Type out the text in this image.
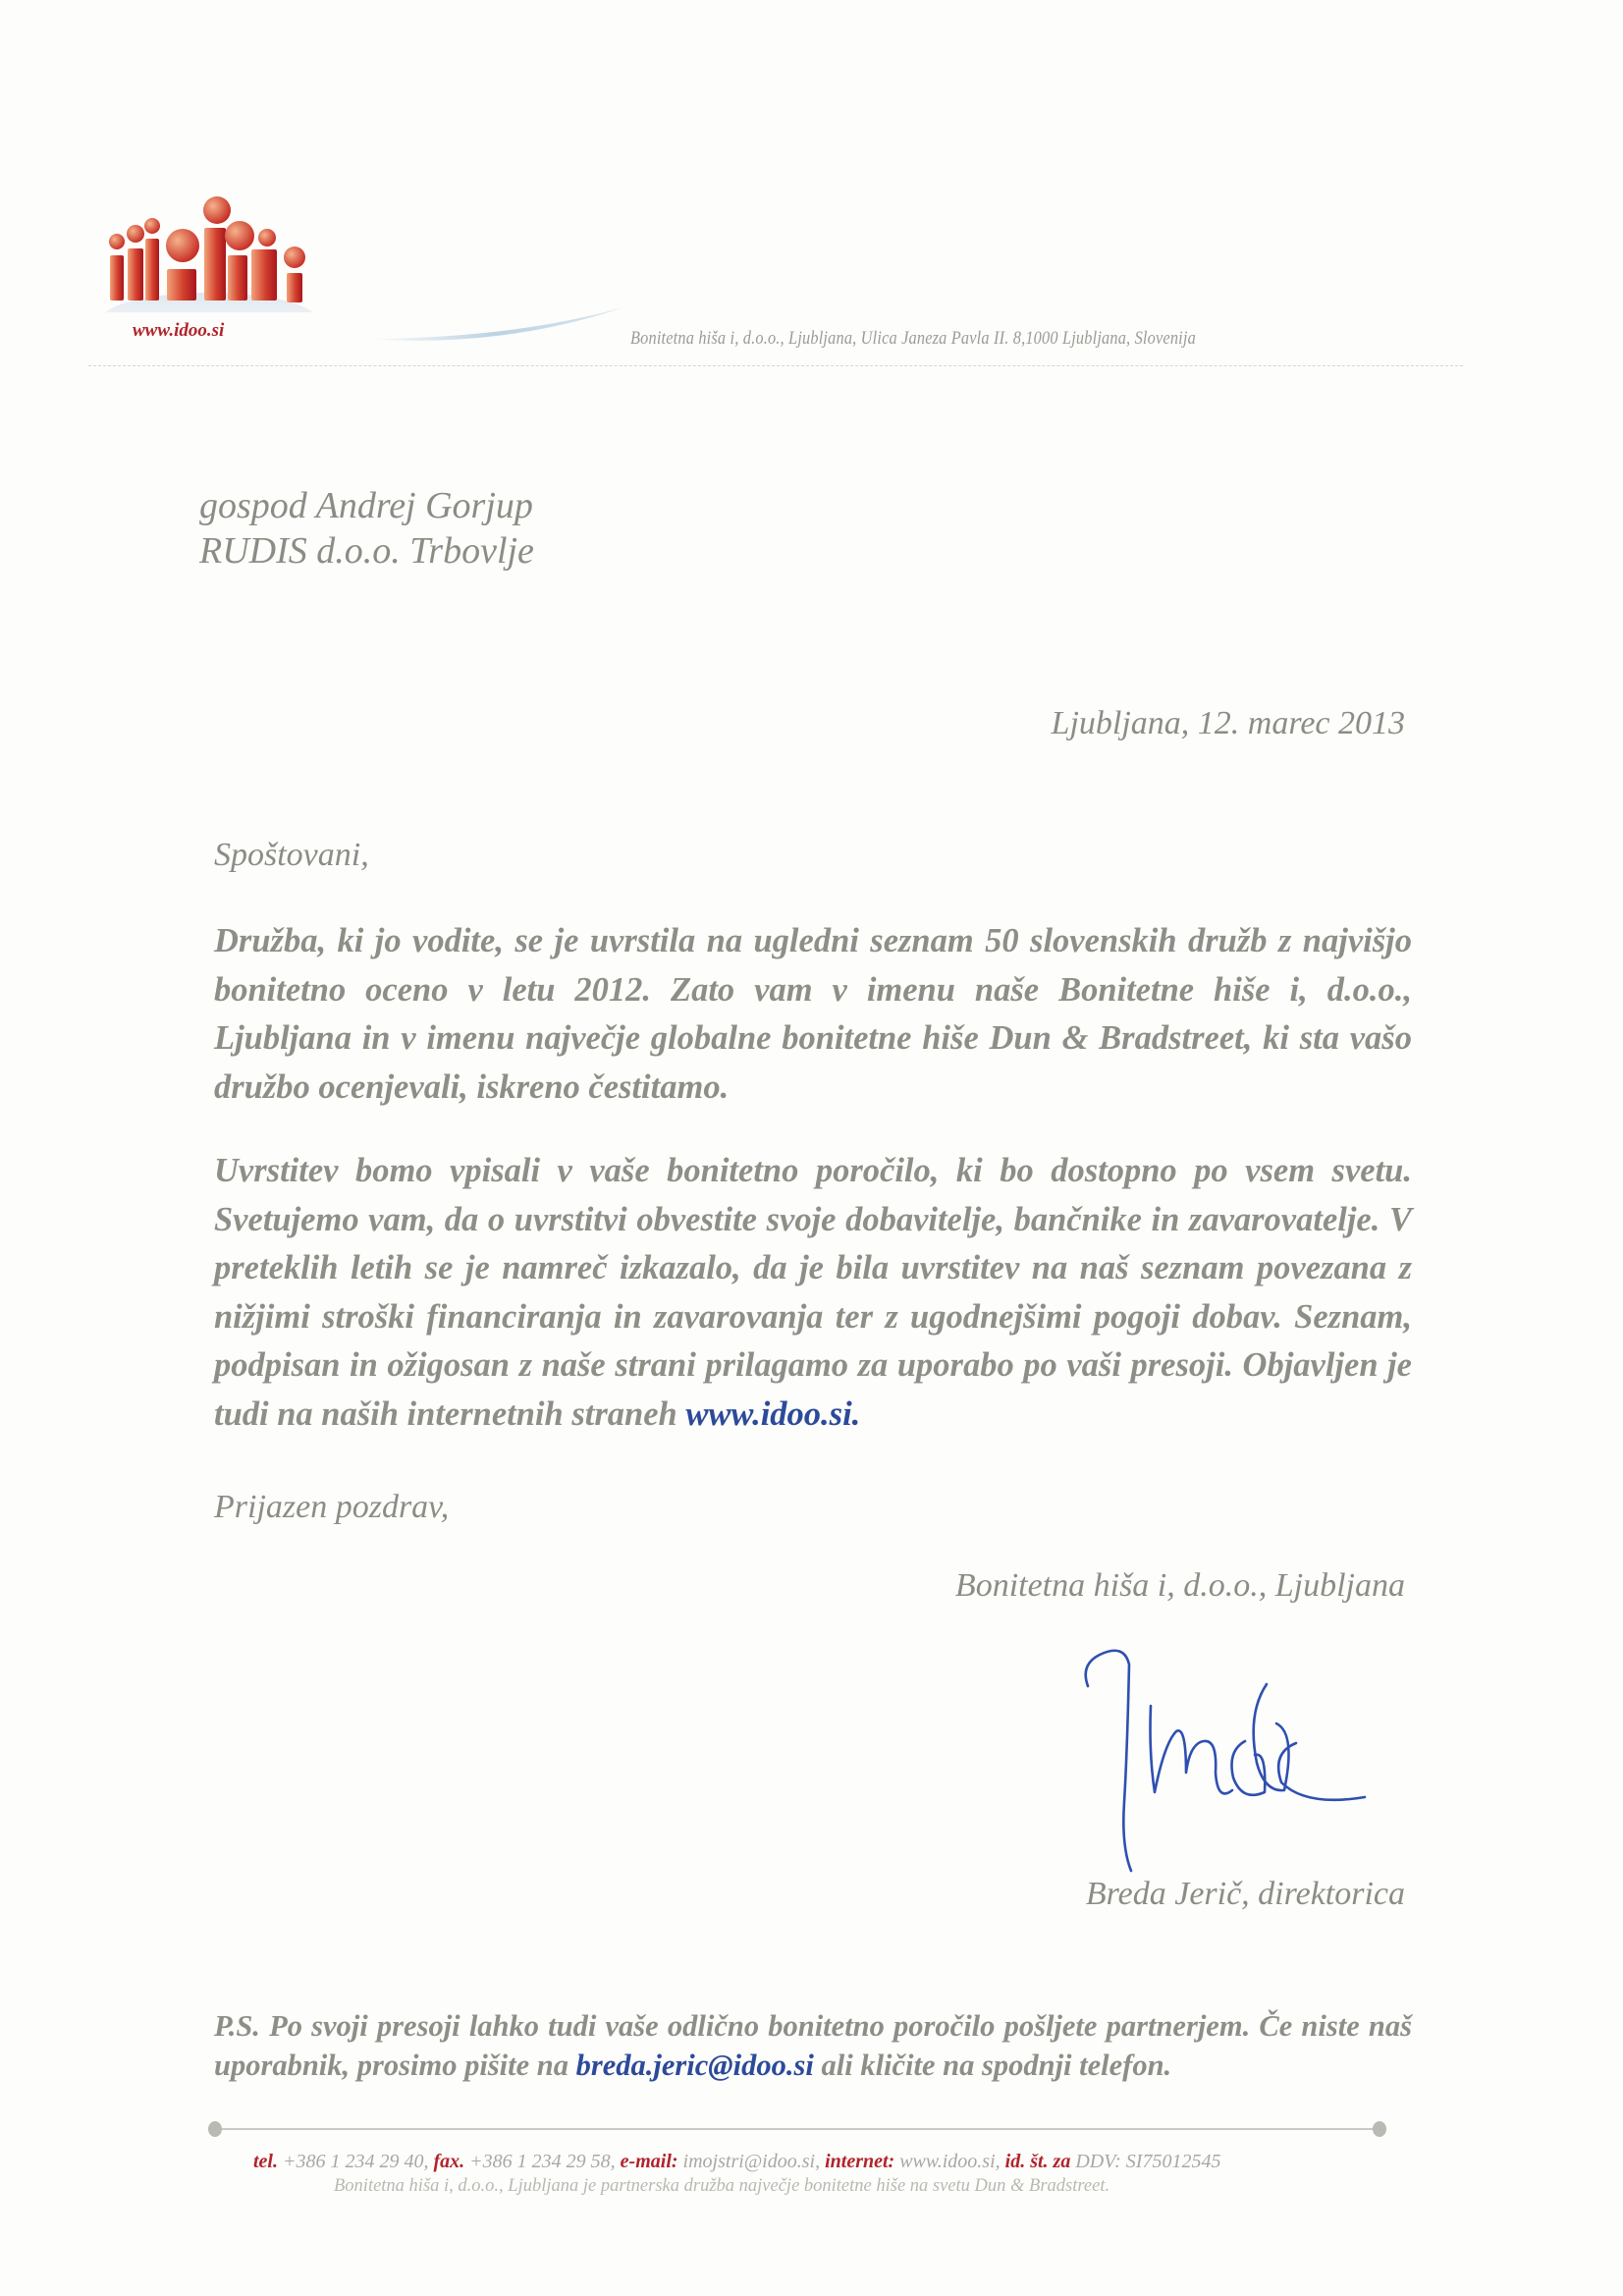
www.idoo.si	Bonitetna hiša i, d.o.o., Ljubljana, Ulica Janeza Pavla II. 8,1000 Ljubljana, Slovenija
gospod Andrej Gorjup
RUDIS d.o.o. Trbovlje
Ljubljana, 12. marec 2013
Spoštovani,
Družba, ki jo vodite, se je uvrstila na ugledni seznam 50 slovenskih družb z najvišjo bonitetno oceno v letu 2012. Zato vam v imenu naše Bonitetne hiše i, d.o.o., Ljubljana in v imenu največje globalne bonitetne hiše Dun & Bradstreet, ki sta vašo družbo ocenjevali, iskreno čestitamo.
Uvrstitev bomo vpisali v vaše bonitetno poročilo, ki bo dostopno po vsem svetu. Svetujemo vam, da o uvrstitvi obvestite svoje dobavitelje, bančnike in zavarovatelje. V preteklih letih se je namreč izkazalo, da je bila uvrstitev na naš seznam povezana z nižjimi stroški financiranja in zavarovanja ter z ugodnejšimi pogoji dobav. Seznam, podpisan in ožigosan z naše strani prilagamo za uporabo po vaši presoji. Objavljen je tudi na naših internetnih straneh www.idoo.si.
Prijazen pozdrav,
Bonitetna hiša i, d.o.o., Ljubljana
Breda Jerič, direktorica
P.S. Po svoji presoji lahko tudi vaše odlično bonitetno poročilo pošljete partnerjem. Če niste naš uporabnik, prosimo pišite na breda.jeric@idoo.si ali kličite na spodnji telefon.
tel. +386 1 234 29 40, fax. +386 1 234 29 58, e-mail: imojstri@idoo.si, internet: www.idoo.si, id. št. za DDV: SI75012545
Bonitetna hiša i, d.o.o., Ljubljana je partnerska družba največje bonitetne hiše na svetu Dun & Bradstreet.
